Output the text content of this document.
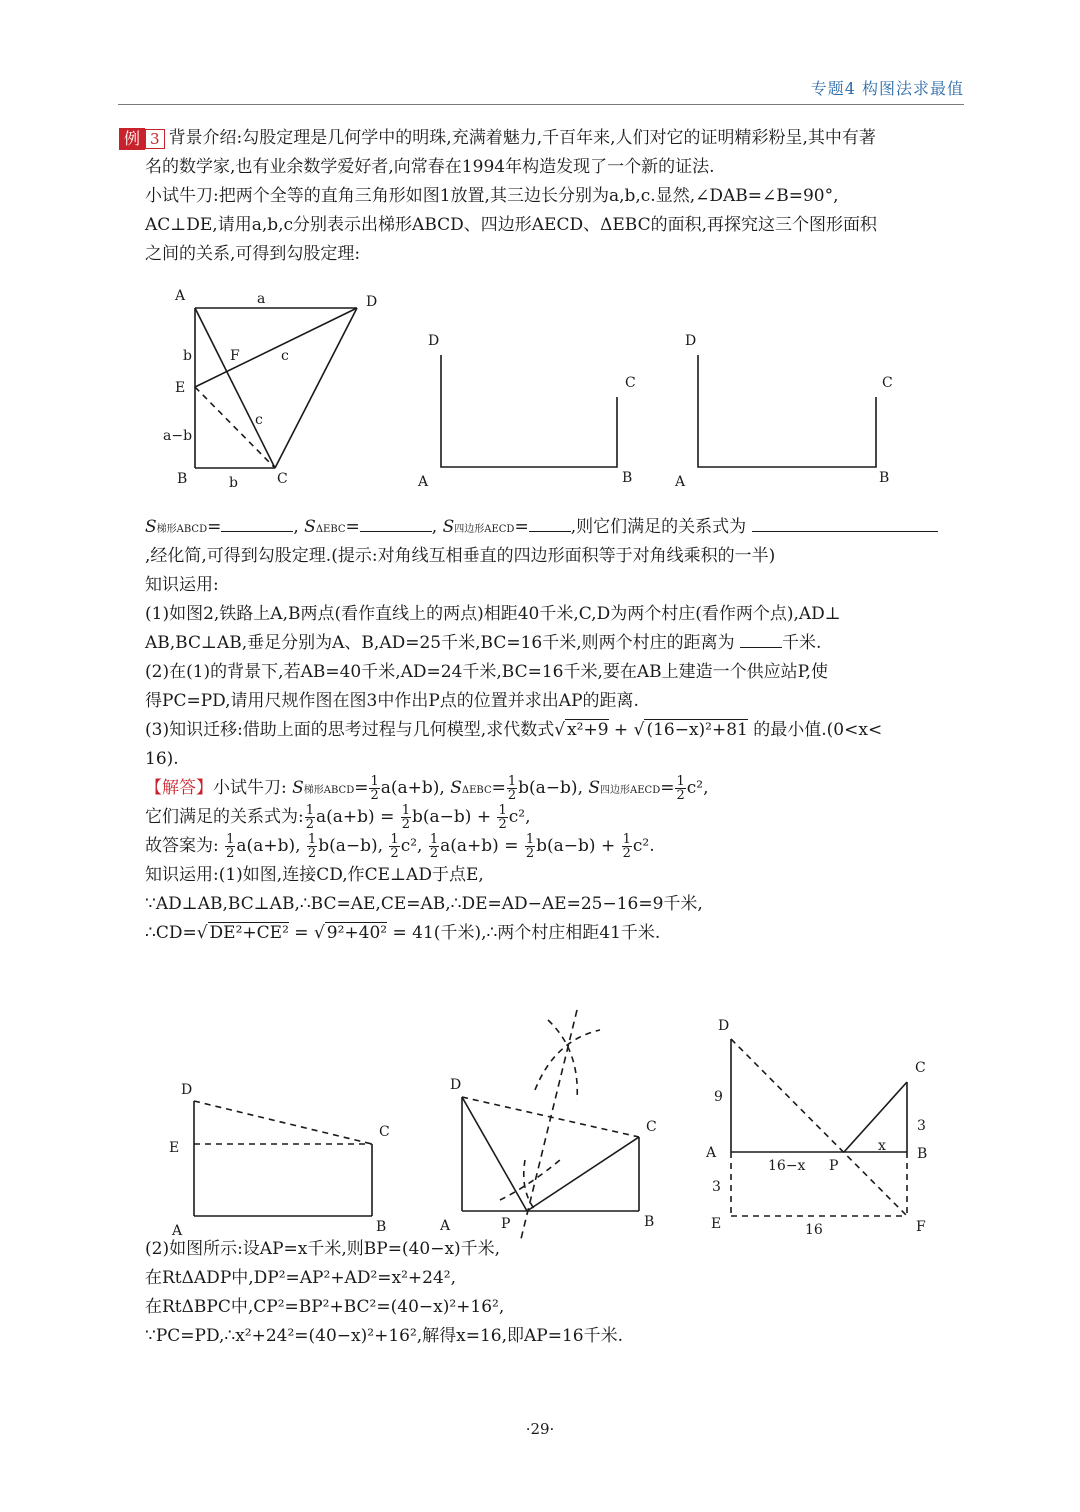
专题4 构图法求最值
例 3 背景介绍:勾股定理是几何学中的明珠,充满着魅力,千百年来,人们对它的证明精彩粉呈,其中有著
名的数学家,也有业余数学爱好者,向常春在1994年构造发现了一个新的证法.
小试牛刀:把两个全等的直角三角形如图1放置,其三边长分别为a,b,c.显然,∠DAB=∠B=90°,
AC⊥DE,请用a,b,c分别表示出梯形ABCD、四边形AECD、ΔEBC的面积,再探究这三个图形面积
之间的关系,可得到勾股定理:
S梯形ABCD=	, SΔEBC=	, S四边形AECD= ,则它们满足的关系式为
,经化简,可得到勾股定理.(提示:对角线互相垂直的四边形面积等于对角线乘积的一半)
知识运用:
(1)如图2,铁路上A,B两点(看作直线上的两点)相距40千米,C,D为两个村庄(看作两个点),AD⊥
AB,BC⊥AB,垂足分别为A、B,AD=25千米,BC=16千米,则两个村庄的距离为	千米.
(2)在(1)的背景下,若AB=40千米,AD=24千米,BC=16千米,要在AB上建造一个供应站P,使
得PC=PD,请用尺规作图在图3中作出P点的位置并求出AP的距离.
(3)知识迁移:借助上面的思考过程与几何模型,求代数式√ x²+9 + √ (16−x)²+81 的最小值.(0<x<
16).
【解答】小试牛刀: S梯形ABCD= $\frac{1}{2} a(a+b)$, $S\Delta EBC= \frac{1}{2} b(a-b)$, S四边形AECD= $\frac{1}{2} c^2$,
它们满足的关系式为: $\frac{1}{2} a(a+b) = \frac{1}{2} b(a-b) + \frac{1}{2} c^2$,
故答案为: $\frac{1}{2} a(a+b)$, $\frac{1}{2} b(a-b)$, $\frac{1}{2} c^2$, $\frac{1}{2} a(a+b) = \frac{1}{2} b(a-b) + \frac{1}{2} c^2$.
知识运用:(1)如图,连接CD,作CE⊥AD于点E,
∵AD⊥AB,BC⊥AB,∴BC=AE,CE=AB,∴DE=AD−AE=25−16=9千米,
∴CD=√ DE²+CE² = √ 9²+40² = 41(千米),∴两个村庄相距41千米.
(2)如图所示:设AP=x千米,则BP=(40−x)千米,
在RtΔADP中,DP²=AP²+AD²=x²+24²,
在RtΔBPC中,CP²=BP²+BC²=(40−x)²+16²,
∵PC=PD,∴x²+24²=(40−x)²+16²,解得x=16,即AP=16千米.
A	D
a
b	F	c
E
c
a−b
B	b	C
D
C
A	B
D
C
A	B
D
E
C
A	B
D
C
A	P	B
D
9
C
3
A
16−x P
x B
3
E	16	F
·29·
